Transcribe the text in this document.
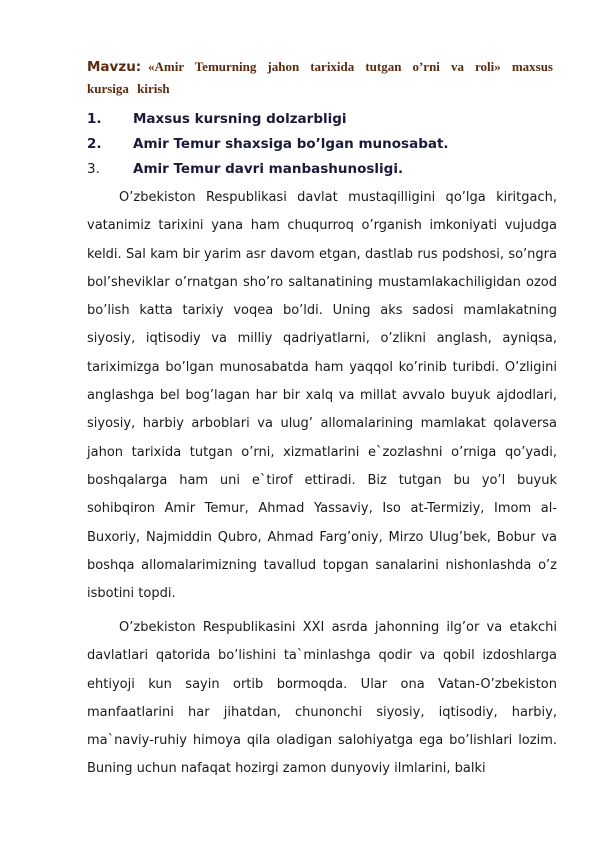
Mavzu: «Amir Temurning jahon tarixida tutgan o’rni va roli» maxsus kursiga kirish
1. Maxsus kursning dolzarbligi
2. Amir Temur shaxsiga bo’lgan munosabat.
3. Amir Temur davri manbashunosligi.

O’zbekiston Respublikasi davlat mustaqilligini qo’lga kiritgach, vatanimiz tarixini yana ham chuqurroq o’rganish imkoniyati vujudga keldi. Sal kam bir yarim asr davom etgan, dastlab rus podshosi, so’ngra bol’sheviklar o’rnatgan sho’ro saltanatining mustamlakachiligidan ozod bo’lish katta tarixiy voqea bo’ldi. Uning aks sadosi mamlakatning siyosiy, iqtisodiy va milliy qadriyatlarni, o’zlikni anglash, ayniqsa, tariximizga bo’lgan munosabatda ham yaqqol ko’rinib turibdi. O’zligini anglashga bel bog’lagan har bir xalq va millat avvalo buyuk ajdodlari, siyosiy, harbiy arboblari va ulug’ allomalarining mamlakat qolaversa jahon tarixida tutgan o’rni, xizmatlarini e`zozlashni o’rniga qo’yadi, boshqalarga ham uni e`tirof ettiradi. Biz tutgan bu yo’l buyuk sohibqiron Amir Temur, Ahmad Yassaviy, Iso at-Termiziy, Imom al-Buxoriy, Najmiddin Qubro, Ahmad Farg’oniy, Mirzo Ulug’bek, Bobur va boshqa allomalarimizning tavallud topgan sanalarini nishonlashda o’z isbotini topdi.

O’zbekiston Respublikasini XXI asrda jahonning ilg’or va etakchi davlatlari qatorida bo’lishini ta`minlashga qodir va qobil izdoshlarga ehtiyoji kun sayin ortib bormoqda. Ular ona Vatan-O’zbekiston manfaatlarini har jihatdan, chunonchi siyosiy, iqtisodiy, harbiy, ma`naviy-ruhiy himoya qila oladigan salohiyatga ega bo’lishlari lozim. Buning uchun nafaqat hozirgi zamon dunyoviy ilmlarini, balki
